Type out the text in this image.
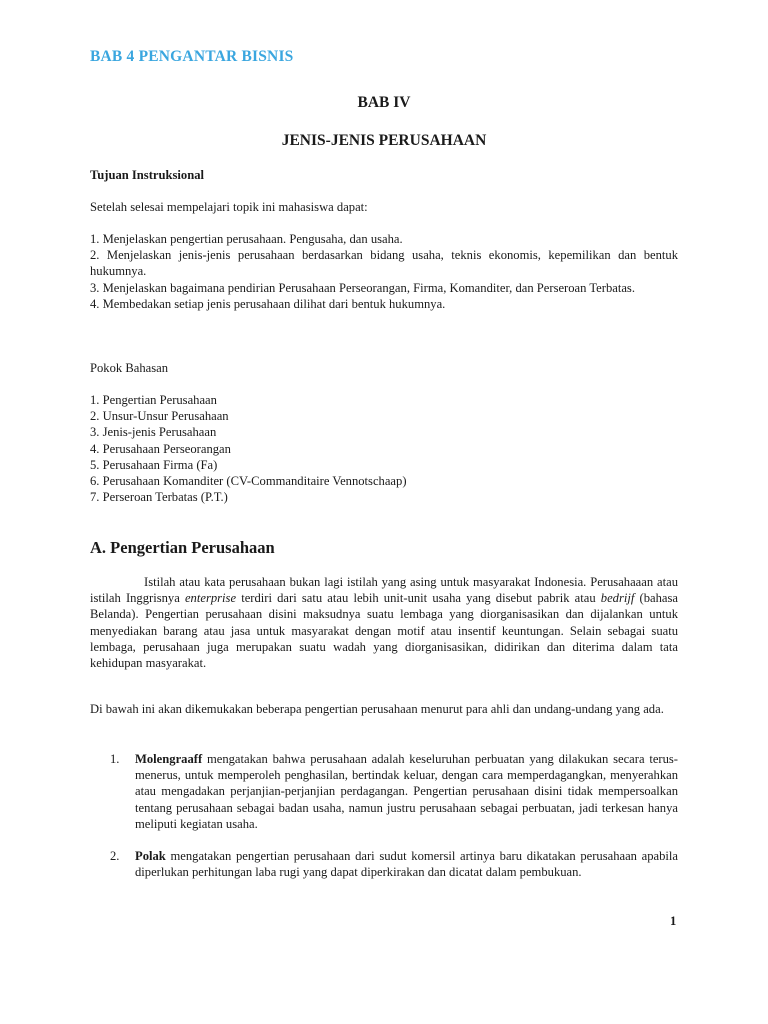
BAB 4 PENGANTAR BISNIS
BAB IV
JENIS-JENIS PERUSAHAAN
Tujuan Instruksional
Setelah selesai mempelajari topik ini mahasiswa dapat:
1. Menjelaskan pengertian perusahaan. Pengusaha, dan usaha.
2. Menjelaskan jenis-jenis perusahaan berdasarkan bidang usaha, teknis ekonomis, kepemilikan dan bentuk hukumnya.
3. Menjelaskan bagaimana pendirian Perusahaan Perseorangan, Firma, Komanditer, dan Perseroan Terbatas.
4. Membedakan setiap jenis perusahaan dilihat dari bentuk hukumnya.
Pokok Bahasan
1. Pengertian Perusahaan
2. Unsur-Unsur Perusahaan
3. Jenis-jenis Perusahaan
4. Perusahaan Perseorangan
5. Perusahaan Firma (Fa)
6. Perusahaan Komanditer (CV-Commanditaire Vennotschaap)
7. Perseroan Terbatas (P.T.)
A. Pengertian Perusahaan
Istilah atau kata perusahaan bukan lagi istilah yang asing untuk masyarakat Indonesia. Perusahaaan atau istilah Inggrisnya enterprise terdiri dari satu atau lebih unit-unit usaha yang disebut pabrik atau bedrijf (bahasa Belanda). Pengertian perusahaan disini maksudnya suatu lembaga yang diorganisasikan dan dijalankan untuk menyediakan barang atau jasa untuk masyarakat dengan motif atau insentif keuntungan. Selain sebagai suatu lembaga, perusahaan juga merupakan suatu wadah yang diorganisasikan, didirikan dan diterima dalam tata kehidupan masyarakat.
Di bawah ini akan dikemukakan beberapa pengertian perusahaan menurut para ahli dan undang-undang yang ada.
1. Molengraaff mengatakan bahwa perusahaan adalah keseluruhan perbuatan yang dilakukan secara terus-menerus, untuk memperoleh penghasilan, bertindak keluar, dengan cara memperdagangkan, menyerahkan atau mengadakan perjanjian-perjanjian perdagangan. Pengertian perusahaan disini tidak mempersoalkan tentang perusahaan sebagai badan usaha, namun justru perusahaan sebagai perbuatan, jadi terkesan hanya meliputi kegiatan usaha.
2. Polak mengatakan pengertian perusahaan dari sudut komersil artinya baru dikatakan perusahaan apabila diperlukan perhitungan laba rugi yang dapat diperkirakan dan dicatat dalam pembukuan.
1
